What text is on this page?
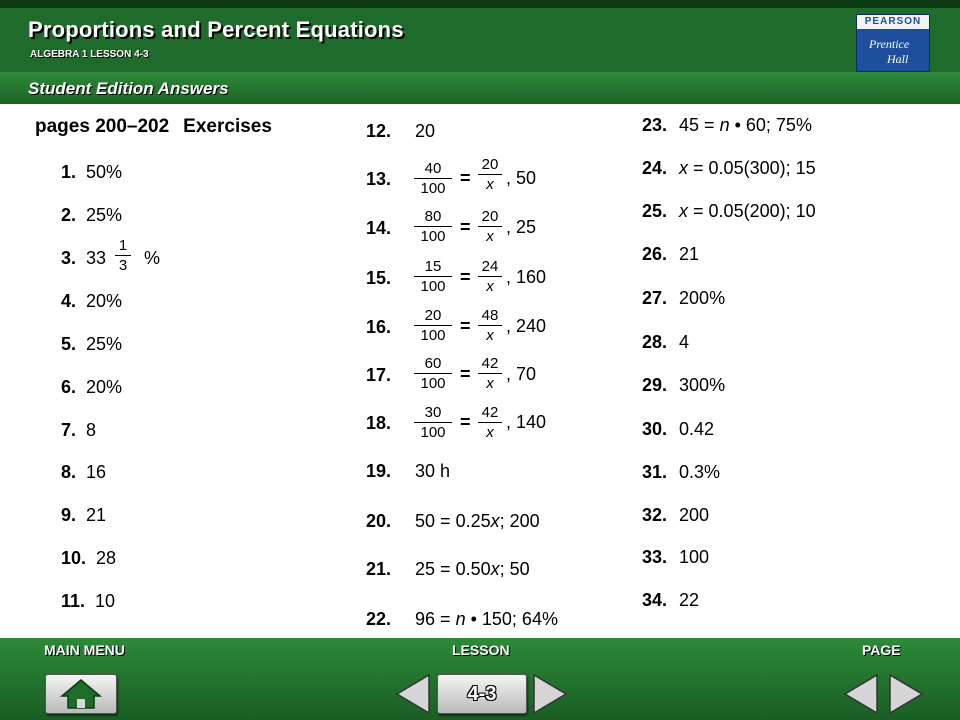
Proportions and Percent Equations
ALGEBRA 1 LESSON 4-3
Student Edition Answers
PEARSON
Prentice
Hall
pages 200–202 Exercises
1. 50%
2. 25%
3. $33 \frac{1}{3}$ %
4. 20%
5. 25%
6. 20%
7. 8
8. 16
9. 21
10. 28
11. 10
12. 20
13. $\frac{40}{100} = \frac{20}{x}$ , 50
14. $\frac{80}{100} = \frac{20}{x}$ , 25
15. $\frac{15}{100} = \frac{24}{x}$ , 160
16. $\frac{20}{100} = \frac{48}{x}$ , 240
17. $\frac{60}{100} = \frac{42}{x}$ , 70
18. $\frac{30}{100} = \frac{42}{x}$ , 140
19. 30 h
20. 50 = 0.25x; 200
21. 25 = 0.50x; 50
22. 96 = n • 150; 64%
23. 45 = n • 60; 75%
24. x = 0.05(300); 15
25. x = 0.05(200); 10
26. 21
27. 200%
28. 4
29. 300%
30. 0.42
31. 0.3%
32. 200
33. 100
34. 22
MAIN MENU	LESSON	PAGE
4-3
